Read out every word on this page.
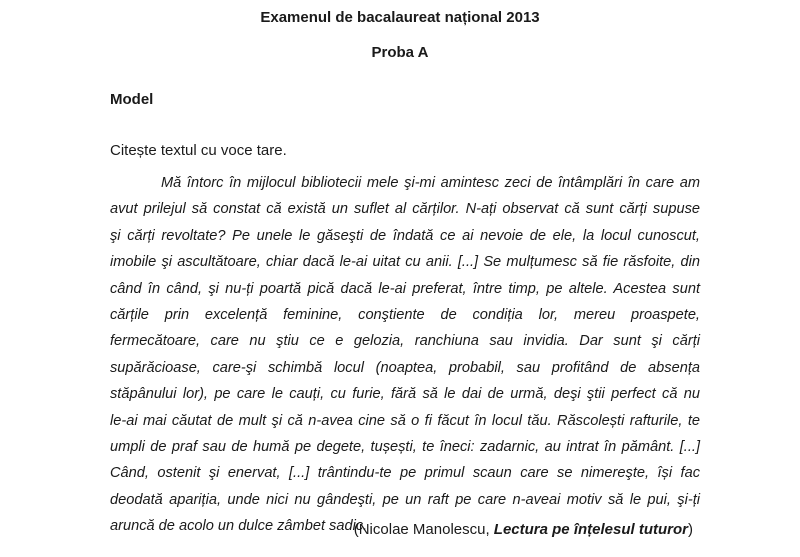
Examenul de bacalaureat național 2013

Proba A

Model

Citește textul cu voce tare.

Mă întorc în mijlocul bibliotecii mele şi-mi amintesc zeci de întâmplări în care am
avut prilejul să constat că există un suflet al cărților. N-ați observat că sunt cărți supuse
şi cărți revoltate? Pe unele le găseşti de îndată ce ai nevoie de ele, la locul cunoscut,
imobile şi ascultătoare, chiar dacă le-ai uitat cu anii. [...] Se mulțumesc să fie răsfoite, din
când în când, şi nu-ți poartă pică dacă le-ai preferat, între timp, pe altele. Acestea sunt
cărțile prin excelență feminine, conştiente de condiția lor, mereu proaspete,
fermecătoare, care nu ştiu ce e gelozia, ranchiuna sau invidia. Dar sunt şi cărți
supărăcioase, care-şi schimbă locul (noaptea, probabil, sau profitând de absența
stăpânului lor), pe care le cauți, cu furie, fără să le dai de urmă, deşi ştii perfect că nu
le-ai mai căutat de mult şi că n-avea cine să o fi făcut în locul tău. Răscolești rafturile, te
umpli de praf sau de humă pe degete, tușești, te îneci: zadarnic, au intrat în pământ. [...]
Când, ostenit şi enervat, [...] trântindu-te pe primul scaun care se nimereşte, își fac
deodată apariția, unde nici nu gândeşti, pe un raft pe care n-aveai motiv să le pui, şi-ți
aruncă de acolo un dulce zâmbet sadic.

(Nicolae Manolescu, Lectura pe înțelesul tuturor)
